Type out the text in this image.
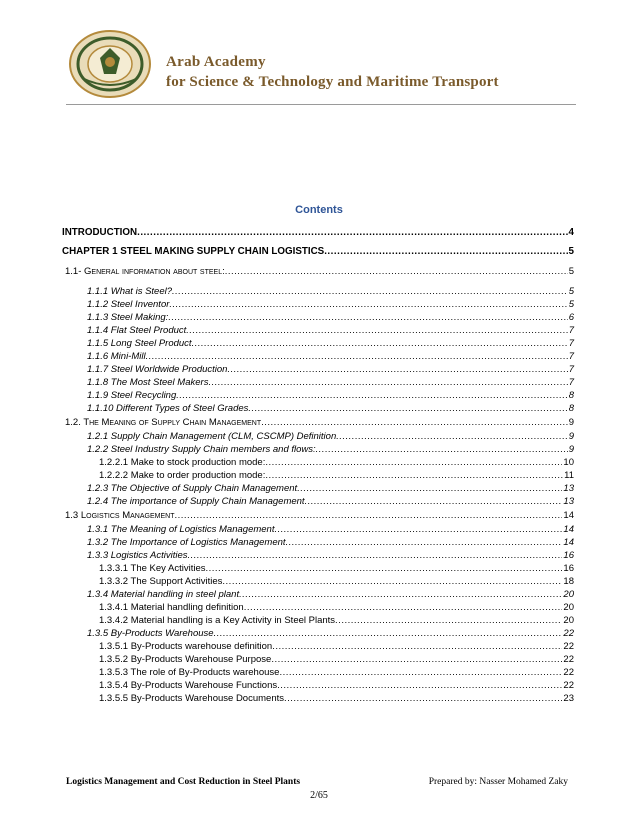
Arab Academy
for Science & Technology and Maritime Transport
Contents
INTRODUCTION .....	4
CHAPTER 1 STEEL MAKING SUPPLY CHAIN LOGISTICS .....	5
1.1- General information about steel: .....	5
1.1.1 What is Steel? .....	5
1.1.2 Steel Inventor .....	5
1.1.3 Steel Making: .....	6
1.1.4 Flat Steel Product .....	7
1.1.5 Long Steel Product .....	7
1.1.6 Mini-Mill .....	7
1.1.7 Steel Worldwide Production .....	7
1.1.8 The Most Steel Makers .....	7
1.1.9 Steel Recycling .....	8
1.1.10 Different Types of Steel Grades .....	8
1.2. The Meaning of Supply Chain Management .....	9
1.2.1 Supply Chain Management (CLM, CSCMP) Definition .....	9
1.2.2 Steel Industry Supply Chain members and flows: .....	9
1.2.2.1 Make to stock production mode: .....	10
1.2.2.2 Make to order production mode: .....	11
1.2.3 The Objective of Supply Chain Management .....	13
1.2.4 The importance of Supply Chain Management .....	13
1.3 Logistics Management .....	14
1.3.1 The Meaning of Logistics Management .....	14
1.3.2 The Importance of Logistics Management .....	14
1.3.3 Logistics Activities .....	16
1.3.3.1 The Key Activities .....	16
1.3.3.2 The Support Activities .....	18
1.3.4 Material handling in steel plant .....	20
1.3.4.1 Material handling definition .....	20
1.3.4.2 Material handling is a Key Activity in Steel Plants .....	20
1.3.5 By-Products Warehouse .....	22
1.3.5.1 By-Products warehouse definition .....	22
1.3.5.2 By-Products Warehouse Purpose .....	22
1.3.5.3 The role of By-Products warehouse .....	22
1.3.5.4 By-Products Warehouse Functions .....	22
1.3.5.5 By-Products Warehouse Documents .....	23
Logistics Management and Cost Reduction in Steel Plants	Prepared by: Nasser Mohamed Zaky
2/65
